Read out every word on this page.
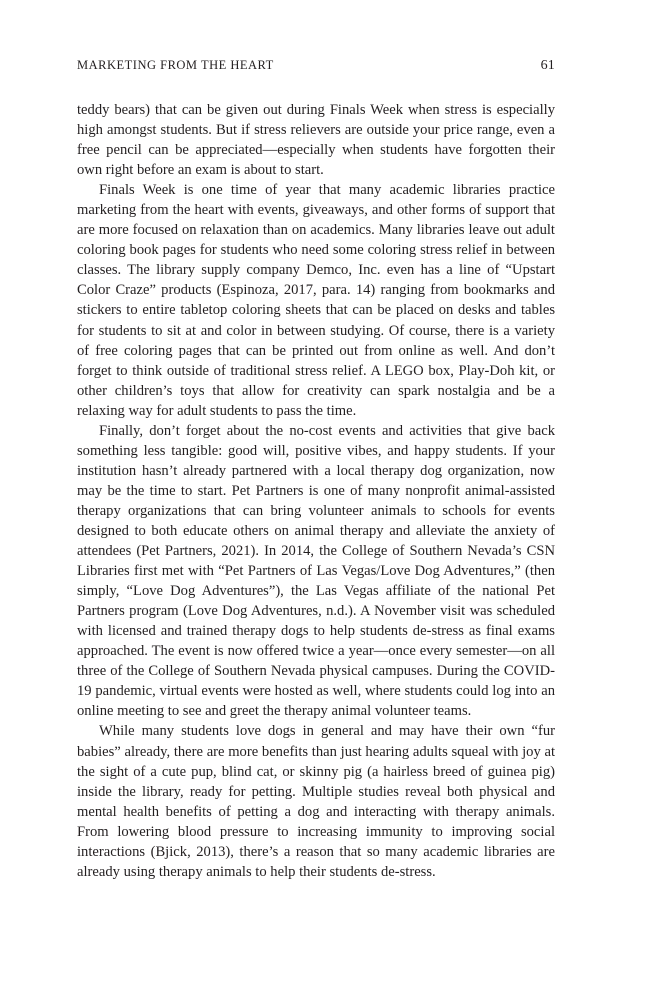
MARKETING FROM THE HEART	61

teddy bears) that can be given out during Finals Week when stress is especially high amongst students. But if stress relievers are outside your price range, even a free pencil can be appreciated—especially when students have forgotten their own right before an exam is about to start.

Finals Week is one time of year that many academic libraries practice marketing from the heart with events, giveaways, and other forms of support that are more focused on relaxation than on academics. Many libraries leave out adult coloring book pages for students who need some coloring stress relief in between classes. The library supply company Demco, Inc. even has a line of “Upstart Color Craze” products (Espinoza, 2017, para. 14) ranging from bookmarks and stickers to entire tabletop coloring sheets that can be placed on desks and tables for students to sit at and color in between studying. Of course, there is a variety of free coloring pages that can be printed out from online as well. And don’t forget to think outside of traditional stress relief. A LEGO box, Play-Doh kit, or other children’s toys that allow for creativity can spark nostalgia and be a relaxing way for adult students to pass the time.

Finally, don’t forget about the no-cost events and activities that give back something less tangible: good will, positive vibes, and happy students. If your institution hasn’t already partnered with a local therapy dog organization, now may be the time to start. Pet Partners is one of many nonprofit animal-assisted therapy organizations that can bring volunteer animals to schools for events designed to both educate others on animal therapy and alleviate the anxiety of attendees (Pet Partners, 2021). In 2014, the College of Southern Nevada’s CSN Libraries first met with “Pet Partners of Las Vegas/Love Dog Adventures,” (then simply, “Love Dog Adventures”), the Las Vegas affiliate of the national Pet Partners program (Love Dog Adventures, n.d.). A November visit was scheduled with licensed and trained therapy dogs to help students de-stress as final exams approached. The event is now offered twice a year—once every semester—on all three of the College of Southern Nevada physical campuses. During the COVID-19 pandemic, virtual events were hosted as well, where students could log into an online meeting to see and greet the therapy animal volunteer teams.

While many students love dogs in general and may have their own “fur babies” already, there are more benefits than just hearing adults squeal with joy at the sight of a cute pup, blind cat, or skinny pig (a hairless breed of guinea pig) inside the library, ready for petting. Multiple studies reveal both physical and mental health benefits of petting a dog and interacting with therapy animals. From lowering blood pressure to increasing immunity to improving social interactions (Bjick, 2013), there’s a reason that so many academic libraries are already using therapy animals to help their students de-stress.
